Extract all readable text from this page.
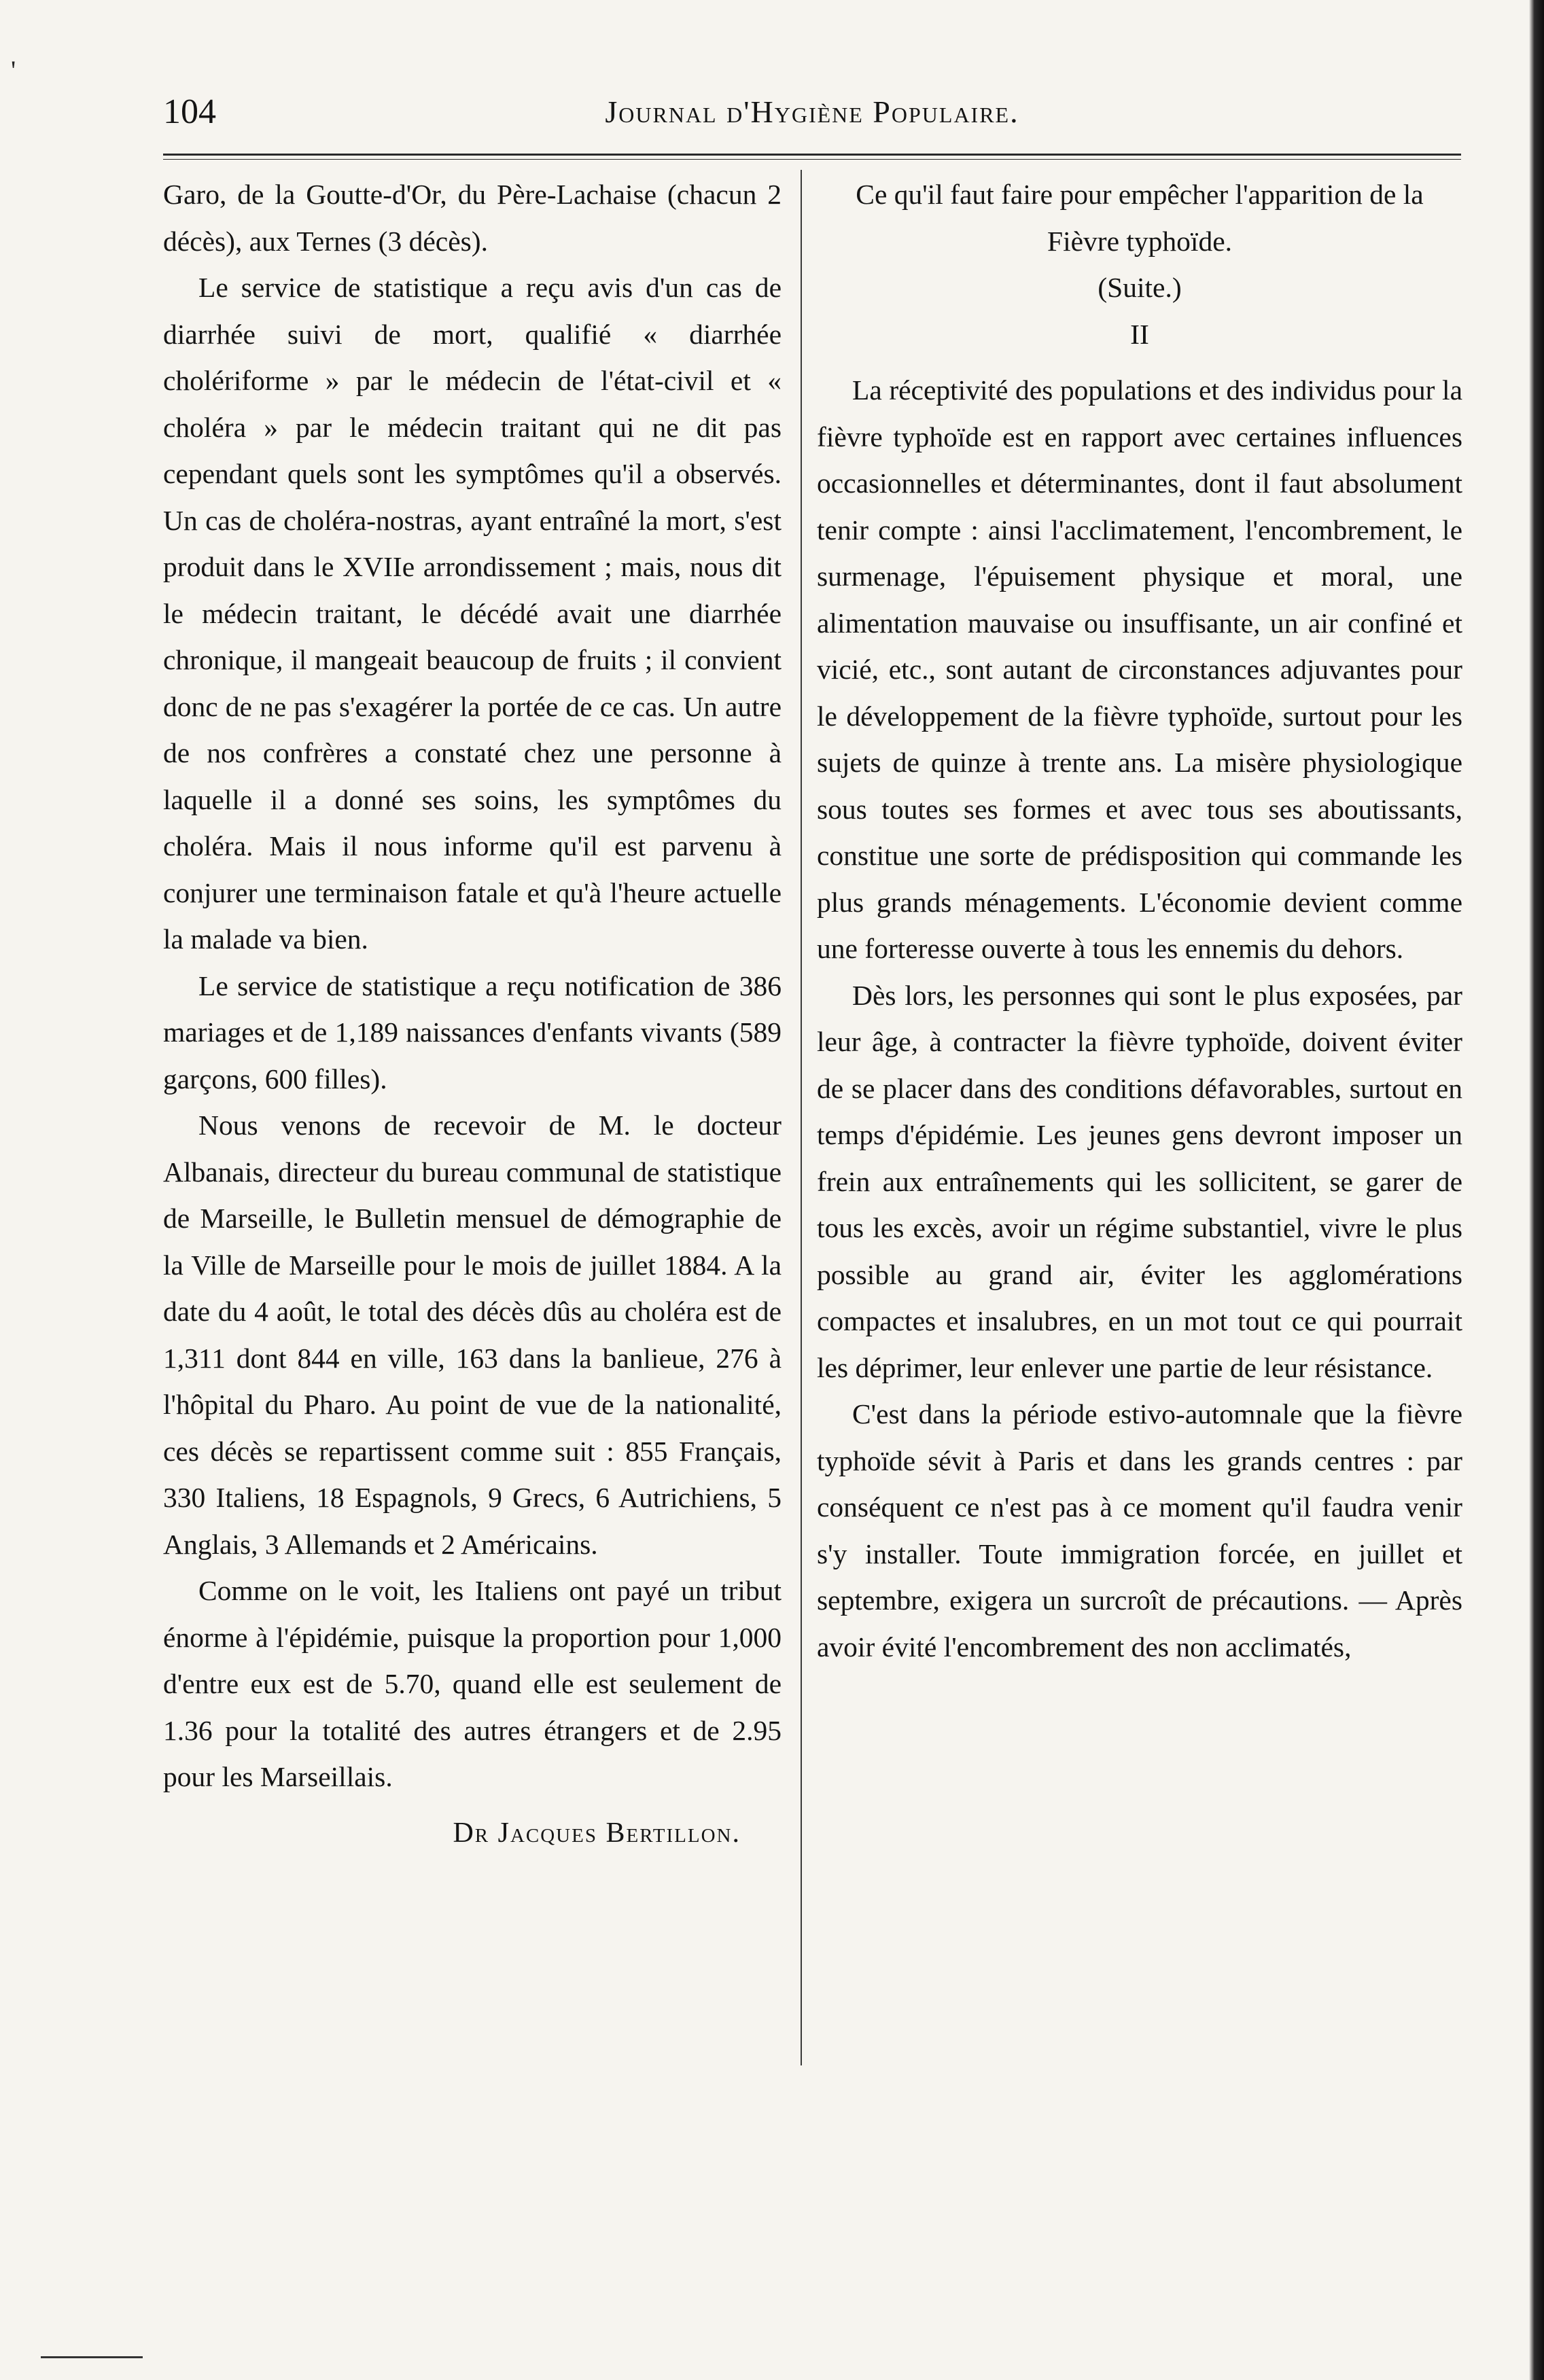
104	Journal d'Hygiène Populaire.

Garo, de la Goutte-d'Or, du Père-Lachaise (chacun 2 décès), aux Ternes (3 décès).

Le service de statistique a reçu avis d'un cas de diarrhée suivi de mort, qualifié « diarrhée cholériforme » par le médecin de l'état-civil et « choléra » par le médecin traitant qui ne dit pas cependant quels sont les symptômes qu'il a observés. Un cas de choléra-nostras, ayant entraîné la mort, s'est produit dans le XVIIe arrondissement ; mais, nous dit le médecin traitant, le décédé avait une diarrhée chronique, il mangeait beaucoup de fruits ; il convient donc de ne pas s'exagérer la portée de ce cas. Un autre de nos confrères a constaté chez une personne à laquelle il a donné ses soins, les symptômes du choléra. Mais il nous informe qu'il est parvenu à conjurer une terminaison fatale et qu'à l'heure actuelle la malade va bien.

Le service de statistique a reçu notification de 386 mariages et de 1,189 naissances d'enfants vivants (589 garçons, 600 filles).

Nous venons de recevoir de M. le docteur Albanais, directeur du bureau communal de statistique de Marseille, le Bulletin mensuel de démographie de la Ville de Marseille pour le mois de juillet 1884. A la date du 4 août, le total des décès dûs au choléra est de 1,311 dont 844 en ville, 163 dans la banlieue, 276 à l'hôpital du Pharo. Au point de vue de la nationalité, ces décès se repartissent comme suit : 855 Français, 330 Italiens, 18 Espagnols, 9 Grecs, 6 Autrichiens, 5 Anglais, 3 Allemands et 2 Américains.

Comme on le voit, les Italiens ont payé un tribut énorme à l'épidémie, puisque la proportion pour 1,000 d'entre eux est de 5.70, quand elle est seulement de 1.36 pour la totalité des autres étrangers et de 2.95 pour les Marseillais.

Dr Jacques Bertillon.
Ce qu'il faut faire pour empêcher l'apparition de la Fièvre typhoïde.
(Suite.)
II

La réceptivité des populations et des individus pour la fièvre typhoïde est en rapport avec certaines influences occasionnelles et déterminantes, dont il faut absolument tenir compte : ainsi l'acclimatement, l'encombrement, le surmenage, l'épuisement physique et moral, une alimentation mauvaise ou insuffisante, un air confiné et vicié, etc., sont autant de circonstances adjuvantes pour le développement de la fièvre typhoïde, surtout pour les sujets de quinze à trente ans. La misère physiologique sous toutes ses formes et avec tous ses aboutissants, constitue une sorte de prédisposition qui commande les plus grands ménagements. L'économie devient comme une forteresse ouverte à tous les ennemis du dehors.

Dès lors, les personnes qui sont le plus exposées, par leur âge, à contracter la fièvre typhoïde, doivent éviter de se placer dans des conditions défavorables, surtout en temps d'épidémie. Les jeunes gens devront imposer un frein aux entraînements qui les sollicitent, se garer de tous les excès, avoir un régime substantiel, vivre le plus possible au grand air, éviter les agglomérations compactes et insalubres, en un mot tout ce qui pourrait les déprimer, leur enlever une partie de leur résistance.

C'est dans la période estivo-automnale que la fièvre typhoïde sévit à Paris et dans les grands centres : par conséquent ce n'est pas à ce moment qu'il faudra venir s'y installer. Toute immigration forcée, en juillet et septembre, exigera un surcroît de précautions. — Après avoir évité l'encombrement des non acclimatés,

'
